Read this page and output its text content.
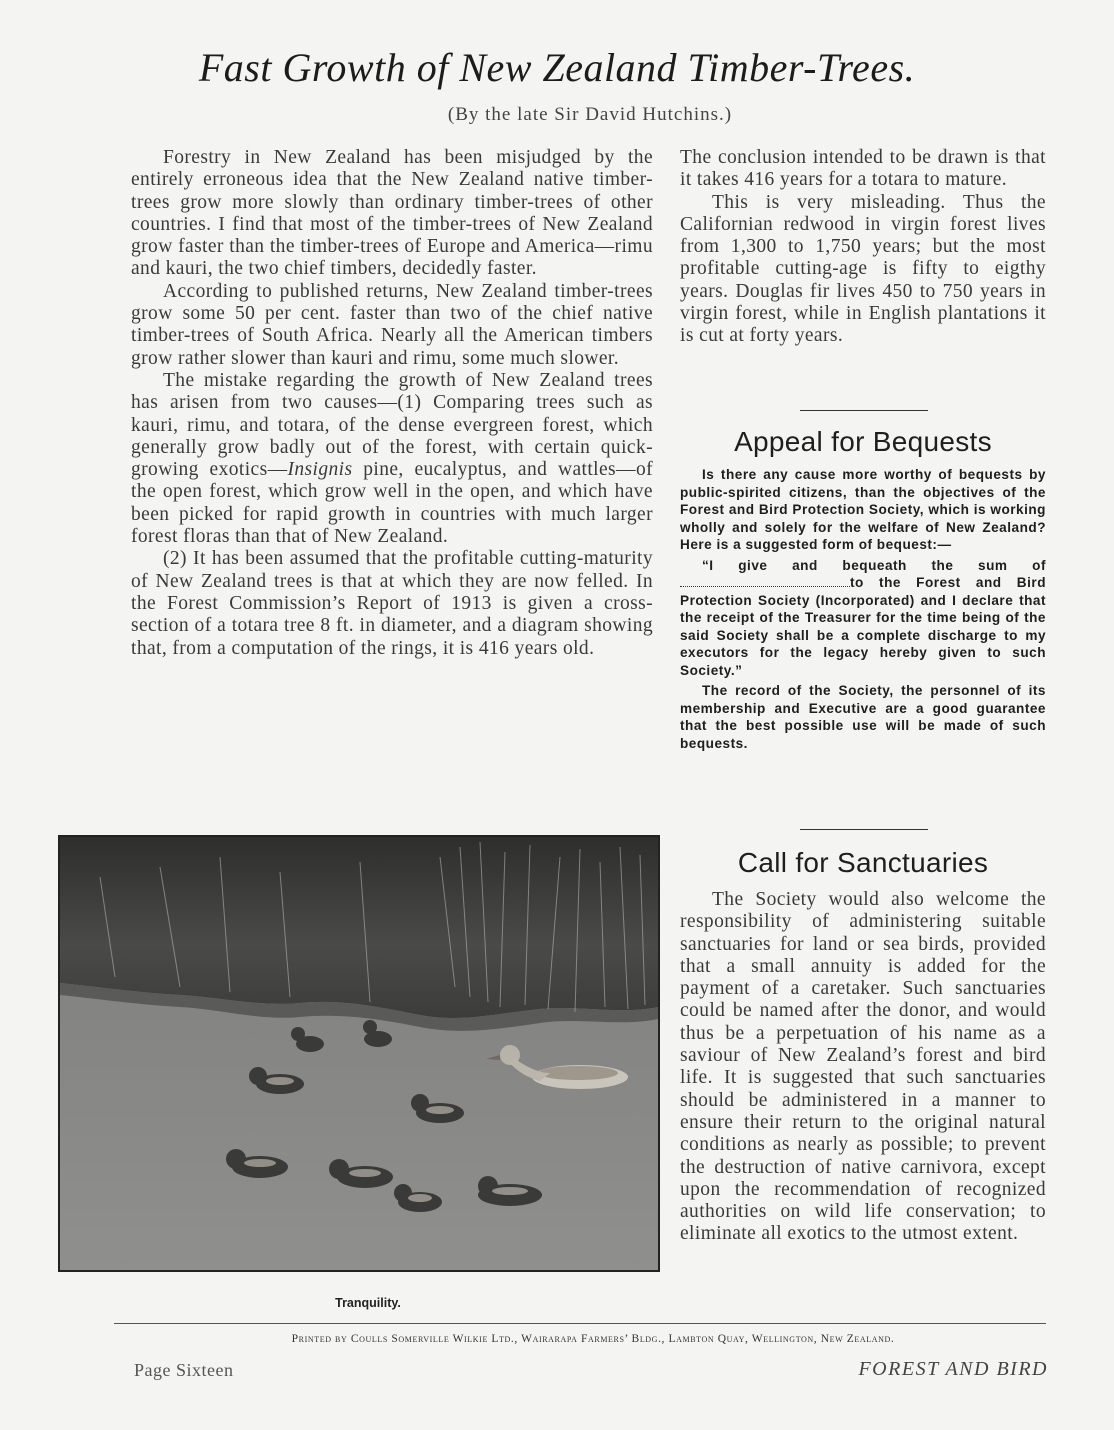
Fast Growth of New Zealand Timber-Trees.
(By the late Sir David Hutchins.)

Forestry in New Zealand has been misjudged by the entirely erroneous idea that the New Zealand native timber-trees grow more slowly than ordinary timber-trees of other countries. I find that most of the timber-trees of New Zealand grow faster than the timber-trees of Europe and America—rimu and kauri, the two chief timbers, decidedly faster.

According to published returns, New Zealand timber-trees grow some 50 per cent. faster than two of the chief native timber-trees of South Africa. Nearly all the American timbers grow rather slower than kauri and rimu, some much slower.

The mistake regarding the growth of New Zealand trees has arisen from two causes—(1) Comparing trees such as kauri, rimu, and totara, of the dense evergreen forest, which generally grow badly out of the forest, with certain quick-growing exotics—Insignis pine, eucalyptus, and wattles—of the open forest, which grow well in the open, and which have been picked for rapid growth in countries with much larger forest floras than that of New Zealand.

(2) It has been assumed that the profitable cutting-maturity of New Zealand trees is that at which they are now felled. In the Forest Commission’s Report of 1913 is given a cross-section of a totara tree 8 ft. in diameter, and a diagram showing that, from a computation of the rings, it is 416 years old.

The conclusion intended to be drawn is that it takes 416 years for a totara to mature.

This is very misleading. Thus the Californian redwood in virgin forest lives from 1,300 to 1,750 years; but the most profitable cutting-age is fifty to eigthy years. Douglas fir lives 450 to 750 years in virgin forest, while in English plantations it is cut at forty years.

Appeal for Bequests

Is there any cause more worthy of bequests by public-spirited citizens, than the objectives of the Forest and Bird Protection Society, which is working wholly and solely for the welfare of New Zealand? Here is a suggested form of bequest:—

“I give and bequeath the sum of to the Forest and Bird Protection Society (Incorporated) and I declare that the receipt of the Treasurer for the time being of the said Society shall be a complete discharge to my executors for the legacy hereby given to such Society.”

The record of the Society, the personnel of its membership and Executive are a good guarantee that the best possible use will be made of such bequests.

Call for Sanctuaries

The Society would also welcome the responsibility of administering suitable sanctuaries for land or sea birds, provided that a small annuity is added for the payment of a caretaker. Such sanctuaries could be named after the donor, and would thus be a perpetuation of his name as a saviour of New Zealand’s forest and bird life. It is suggested that such sanctuaries should be administered in a manner to ensure their return to the original natural conditions as nearly as possible; to prevent the destruction of native carnivora, except upon the recommendation of recognized authorities on wild life conservation; to eliminate all exotics to the utmost extent.

Tranquility.
Printed by Coulls Somerville Wilkie Ltd., Wairarapa Farmers’ Bldg., Lambton Quay, Wellington, New Zealand.
Page Sixteen	FOREST AND BIRD
